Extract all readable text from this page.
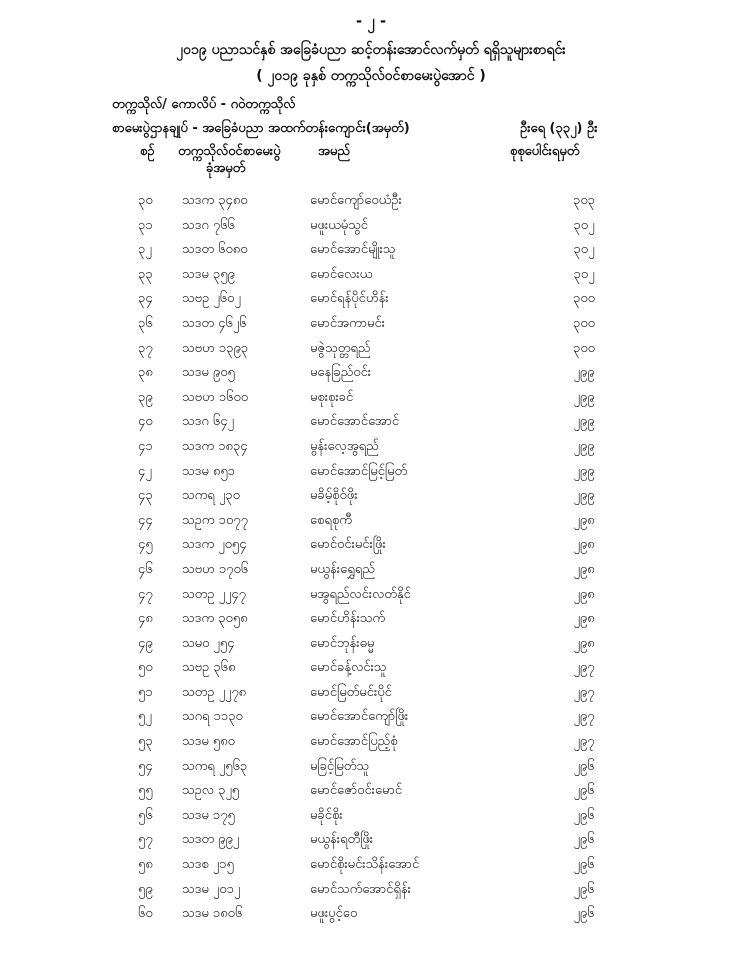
- ၂ -
၂၀၁၉ ပညာသင်နှစ် အခြေခံပညာ ဆင့်တန်းအောင်လက်မှတ် ရရှိသူများစာရင်း
( ၂၀၁၉ ခုနှစ် တက္ကသိုလ်ဝင်စာမေးပွဲအောင် )
တက္ကသိုလ်/ ကောလိပ် - ဂဝဲတက္ကသိုလ်
စာမေးပွဲဌာနချုပ် - အခြေခံပညာ အထက်တန်းကျောင်း(အမှတ်)	ဦးရေ (၃၃၂) ဦး
စဉ် တက္ကသိုလ်ဝင်စာမေးပွဲ
ခုံအမှတ်
အမည်	စုစုပေါင်းရမှတ်
၃၀	သဒက ၃၄၈၀	မောင်ကျော်ဝေယံဦး	၃၀၃
၃၁	သဒဂ ၇၆၆	မဖူးယမုံသွင်	၃၀၂
၃၂	သဒတ ၆၀၈၀	မောင်အောင်မျိုးသူ	၃၀၂
၃၃	သဒမ ၃၅၉	မောင်လေးယ	၃၀၂
၃၄	သဗဥ ၂၆၀၂	မောင်ရန်ပိုင်ဟိန်း	၃၀၀
၃၆	သဒတ ၄၆၂၆	မောင်အကာမင်း	၃၀၀
၃၇	သဗဟ ၁၃၉၃	မဇွဲသုတ္တရည်	၃၀၀
၃၈	သဒမ ၉၀၅	မနေခြည်ဝင်း	၂၉၉
၃၉	သဗဟ ၁၆၀၀	မစုးစုးခင်	၂၉၉
၄၀	သဒဂ ၆၄၂	မောင်အောင်အောင်	၂၉၉
၄၁	သဒက ၁၈၃၄	မွန်းလေ့အွရည်	၂၉၉
၄၂	သဒမ ၈၅၁	မောင်အောင်မြင့်မြတ်	၂၉၉
၄၃	သကရ ၂၃၀	မခိမ့်စိုဝ်ဖိုး	၂၉၉
၄၄	သဥက ၁၀၇၇	စေရစုကီ	၂၉၈
၄၅	သဒက ၂၀၅၄	မောင်ဝင်းမင်းဖြိုး	၂၉၈
၄၆	သဗဟ ၁၇၀၆	မယွန်းရွှေရည်	၂၉၈
၄၇	သတဥ ၂၂၄၇	မအွရည်လင်းလတ်နိုင်	၂၉၈
၄၈	သဒက ၃၀၅၈	မောင်ဟိန်းသက်	၂၉၈
၄၉	သမဝ ၂၅၄	မောင်ဘုန်းဓမ္မ	၂၉၈
၅၀	သဗဥ ၃၆၈	မောင်ခန့်လင်းသူ	၂၉၇
၅၁	သတဥ ၂၂၇၈	မောင်မြတ်မင်းပိုင်	၂၉၇
၅၂	သဂရ ၁၁၃၀	မောင်အောင်ကျော်ဖြိုး	၂၉၇
၅၃	သဒမ ၅၈၀	မောင်အောင်ပြည့်စုံ	၂၉၇
၅၄	သကရ ၂၅၆၃	မခြင့်မြတ်သူ	၂၉၆
၅၅	သဥလ ၃၂၅	မောင်ဇော်ဝင်းမောင်	၂၉၆
၅၆	သဒမ ၁၇၅	မခိုင်စိုး	၂၉၆
၅၇	သဒတ ၉၉၂	မယွန်းရတီဖြိုး	၂၉၆
၅၈	သဒစ ၂၁၅	မောင်စိုးမင်းသိန်းအောင်	၂၉၆
၅၉	သဒမ ၂၀၁၂	မောင်သက်အောင်ရှိန်း	၂၉၆
၆၀	သဒမ ၁၈၀၆	မဖူးပွင့်ဝေ	၂၉၆
